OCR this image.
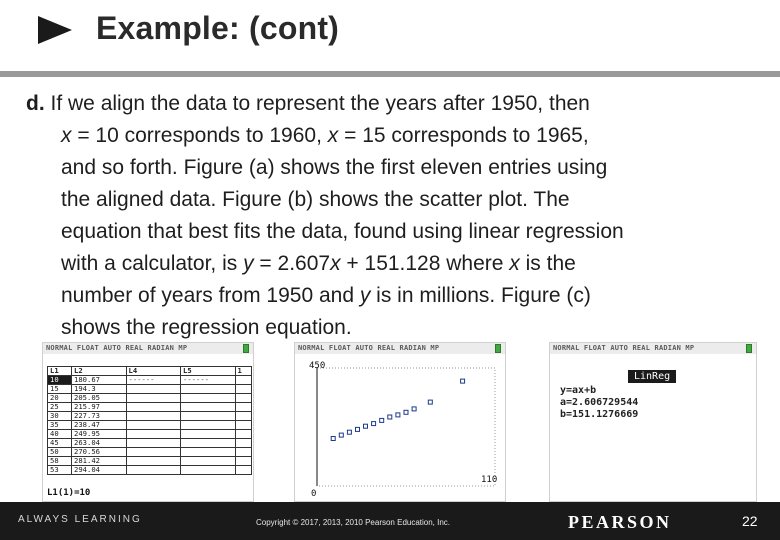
Example: (cont)
d. If we align the data to represent the years after 1950, then
x = 10 corresponds to 1960, x = 15 corresponds to 1965,
and so forth. Figure (a) shows the first eleven entries using
the aligned data. Figure (b) shows the scatter plot. The
equation that best fits the data, found using linear regression
with a calculator, is y = 2.607x + 151.128 where x is the
number of years from 1950 and y is in millions. Figure (c)
shows the regression equation.
NORMAL FLOAT AUTO REAL RADIAN MP
L1	L2	L4	L5	1
10	180.67	------	------	
15	194.3			
20	205.05			
25	215.97			
30	227.73			
35	238.47			
40	249.95			
45	263.04			
50	270.56			
58	281.42			
53	294.04			
L1(1)=10
NORMAL FLOAT AUTO REAL RADIAN MP
450
0
110
NORMAL FLOAT AUTO REAL RADIAN MP
LinReg
y=ax+b
a=2.606729544
b=151.1276669
ALWAYS LEARNING	Copyright © 2017, 2013, 2010 Pearson Education, Inc.	PEARSON	22
